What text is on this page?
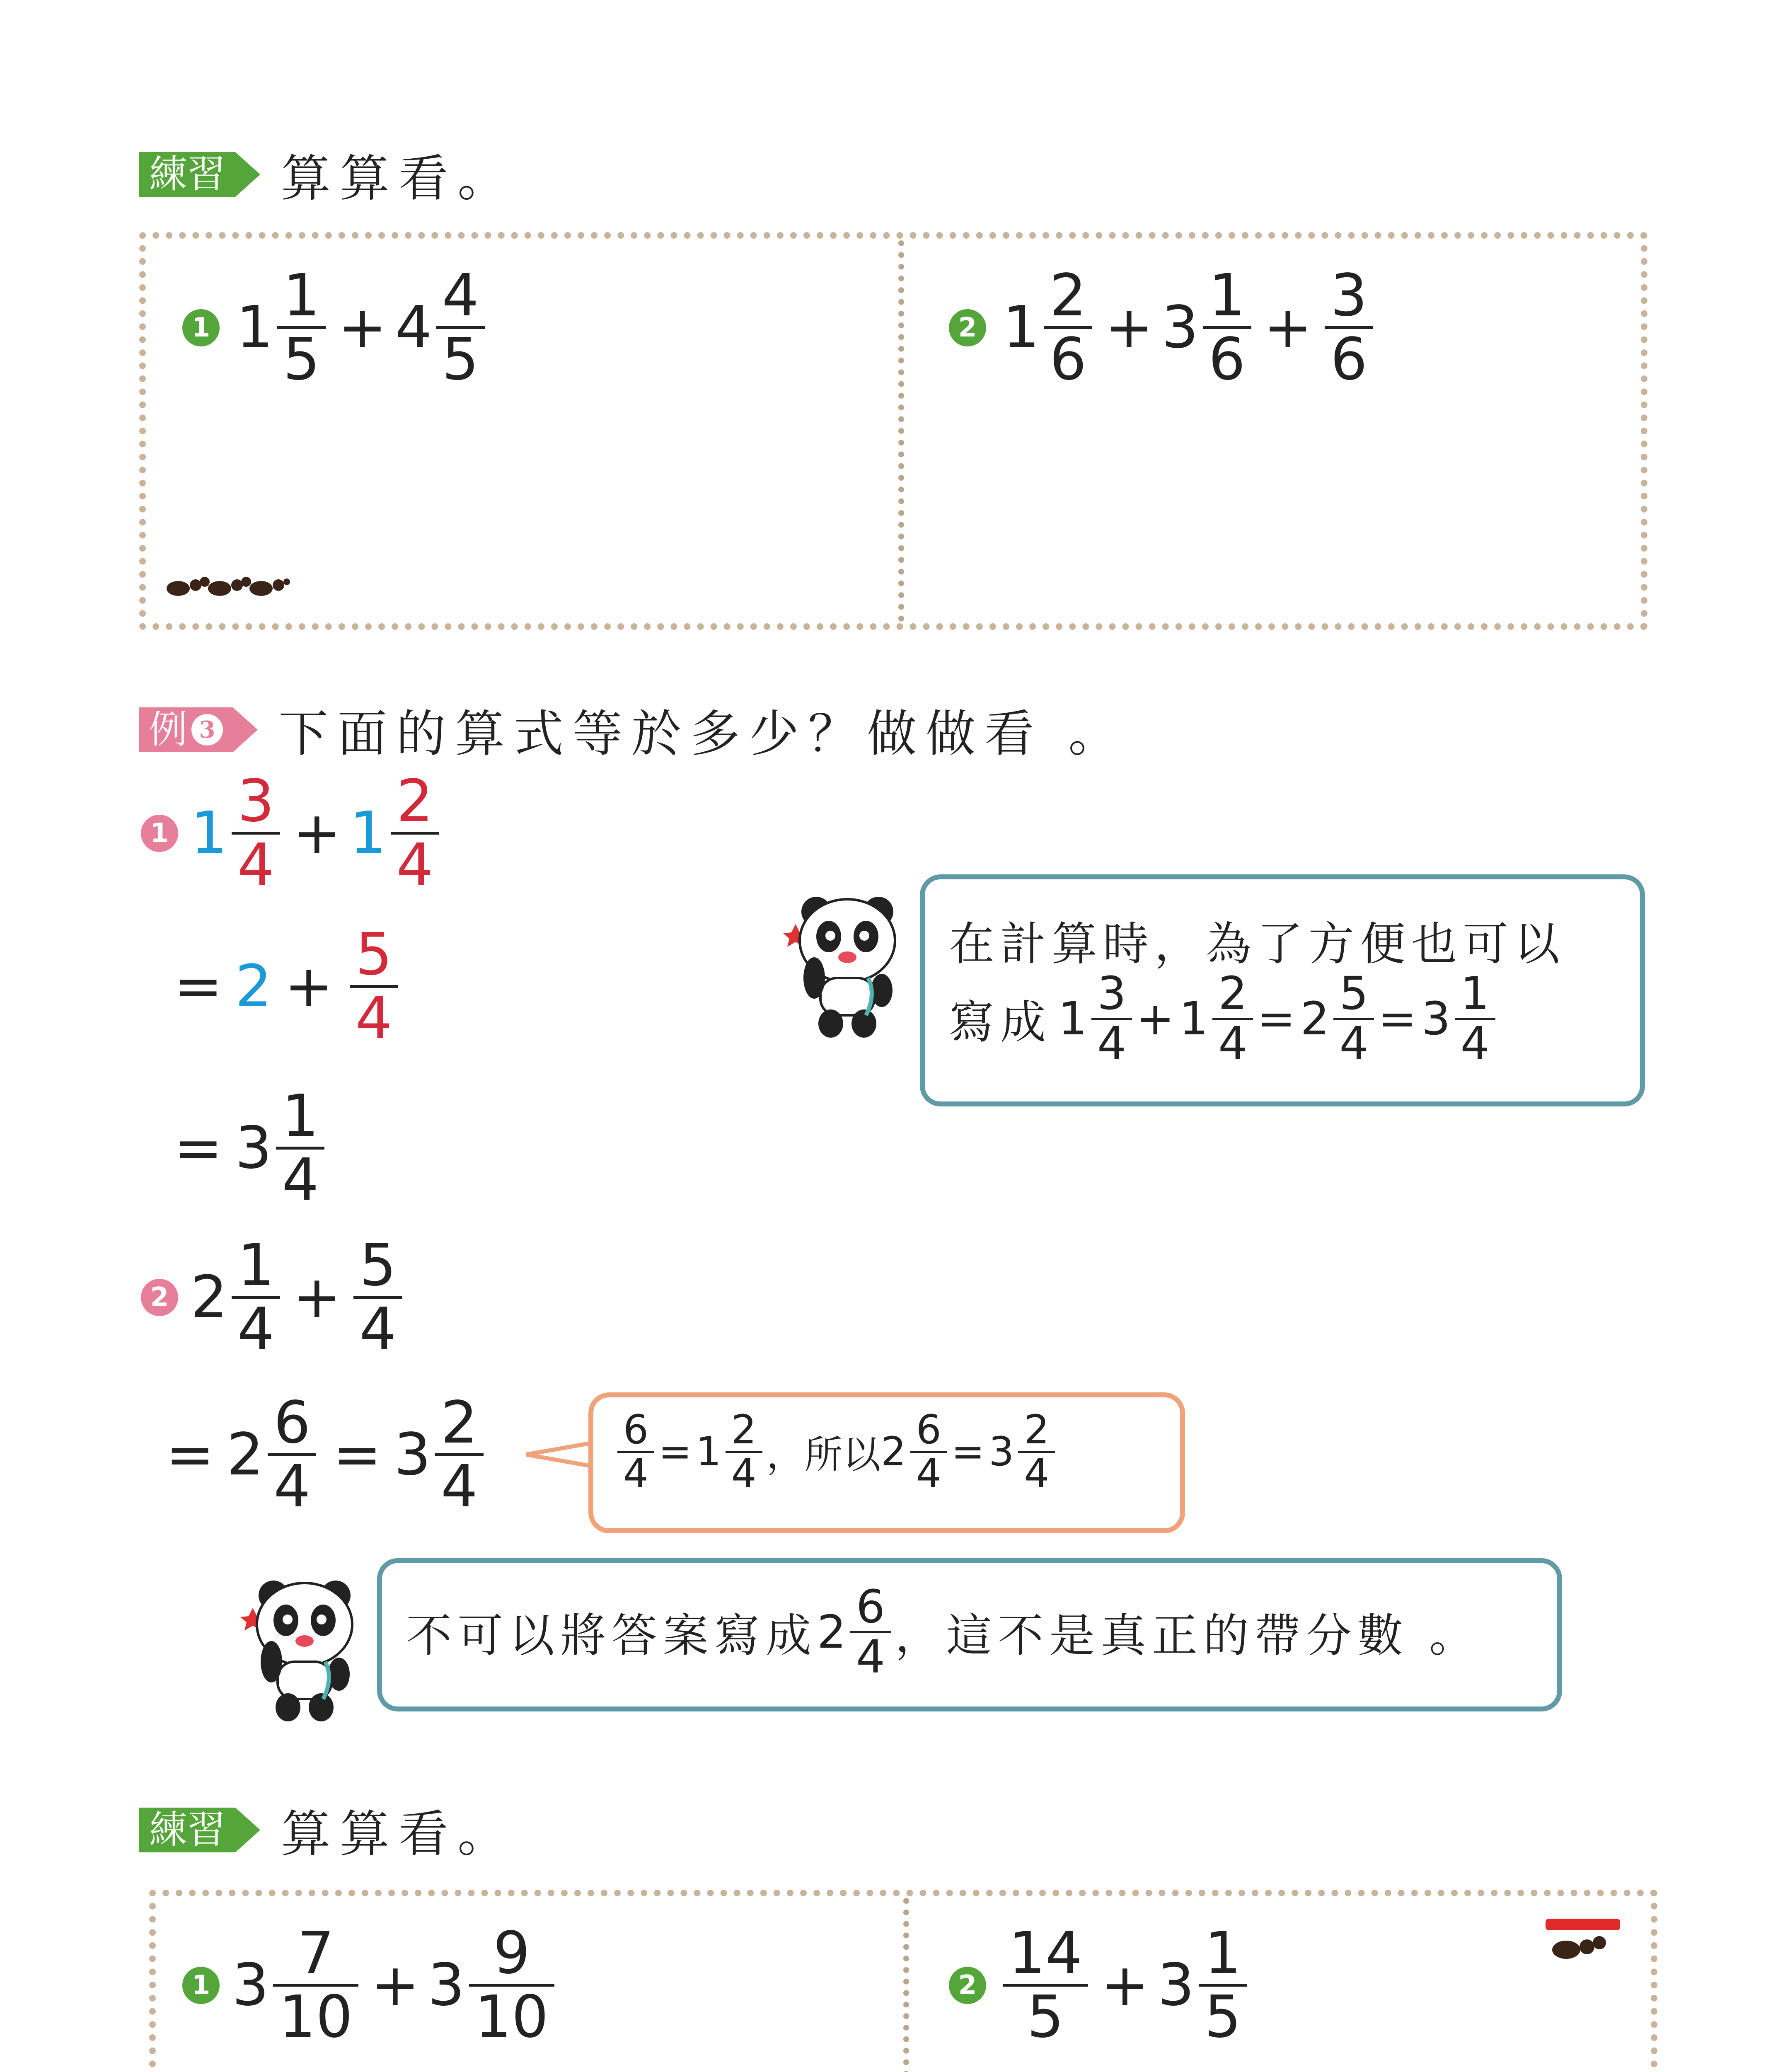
練習 算算看。
1 1 1
5 + 4 4
5	2 1 2
6 + 3 1
6 + 3
6
例 3 下面的算式等於多少？做做看 。
1 1 3
4 + 1 2
4
= 2 + 5
4
= 3 1
4
在計算時，為了方便也可以
寫成 1 3
4 + 1 2
4 = 2 5
4 = 3 1
4
2 2 1
4 + 5
4
= 2 6
4 = 3 2
4
6
4 = 1 2
4 ，所以 2 6
4 = 3 2
4
不可以將答案寫成 2 6
4 ，這不是真正的帶分數 。
練習 算算看。
1 3 7
10 + 3 9
10	2 14
5 + 3 1
5
